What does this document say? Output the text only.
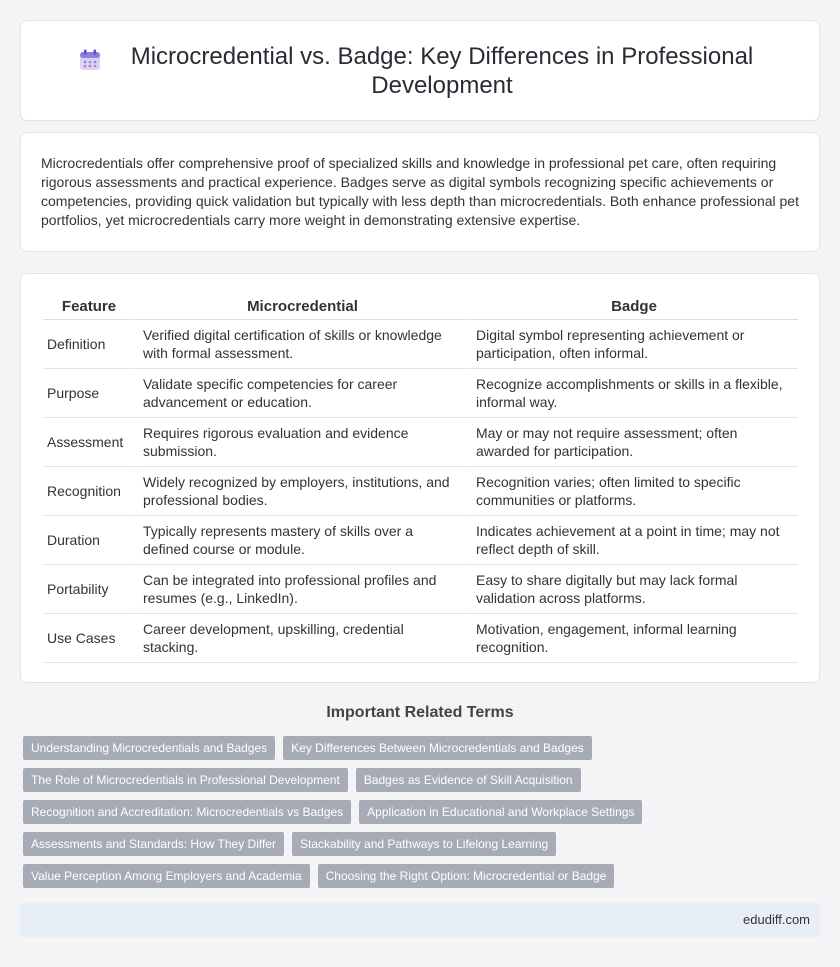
Microcredential vs. Badge: Key Differences in Professional Development

Microcredentials offer comprehensive proof of specialized skills and knowledge in professional pet care, often requiring rigorous assessments and practical experience. Badges serve as digital symbols recognizing specific achievements or competencies, providing quick validation but typically with less depth than microcredentials. Both enhance professional pet portfolios, yet microcredentials carry more weight in demonstrating extensive expertise.

Feature	Microcredential	Badge
Definition	Verified digital certification of skills or knowledge with formal assessment.	Digital symbol representing achievement or participation, often informal.
Purpose	Validate specific competencies for career advancement or education.	Recognize accomplishments or skills in a flexible, informal way.
Assessment	Requires rigorous evaluation and evidence submission.	May or may not require assessment; often awarded for participation.
Recognition	Widely recognized by employers, institutions, and professional bodies.	Recognition varies; often limited to specific communities or platforms.
Duration	Typically represents mastery of skills over a defined course or module.	Indicates achievement at a point in time; may not reflect depth of skill.
Portability	Can be integrated into professional profiles and resumes (e.g., LinkedIn).	Easy to share digitally but may lack formal validation across platforms.
Use Cases	Career development, upskilling, credential stacking.	Motivation, engagement, informal learning recognition.
Important Related Terms
Understanding Microcredentials and Badges	Key Differences Between Microcredentials and Badges
The Role of Microcredentials in Professional Development	Badges as Evidence of Skill Acquisition
Recognition and Accreditation: Microcredentials vs Badges	Application in Educational and Workplace Settings
Assessments and Standards: How They Differ	Stackability and Pathways to Lifelong Learning
Value Perception Among Employers and Academia	Choosing the Right Option: Microcredential or Badge
edudiff.com
